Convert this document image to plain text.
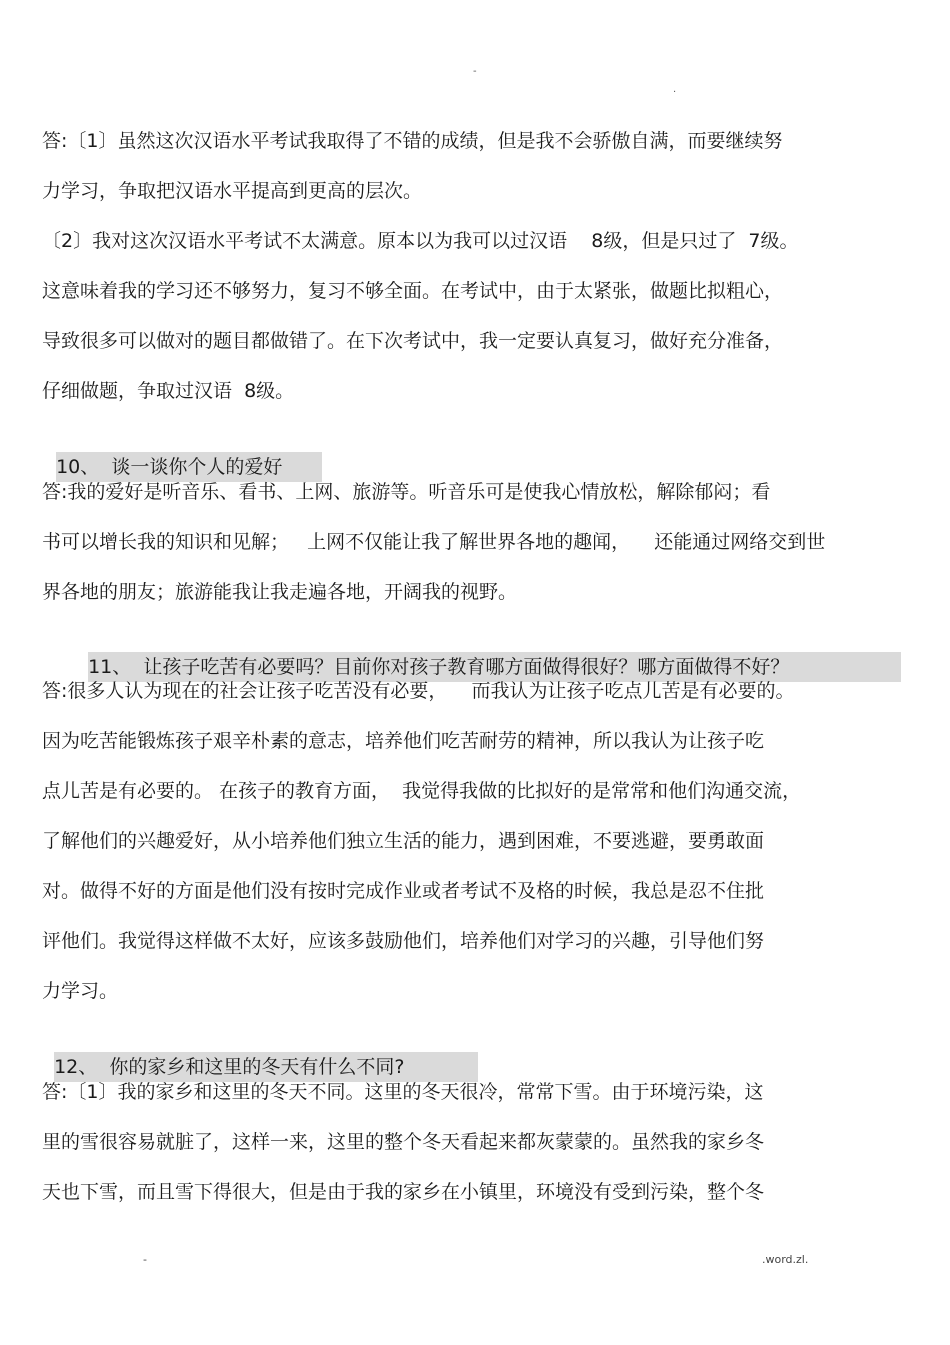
-
.
答:〔1〕虽然这次汉语水平考试我取得了不错的成绩，但是我不会骄傲自满，而要继续努
力学习，争取把汉语水平提高到更高的层次。
〔2〕我对这次汉语水平考试不太满意。原本以为我可以过汉语    8级，但是只过了  7级。
这意味着我的学习还不够努力，复习不够全面。在考试中，由于太紧张，做题比拟粗心，
导致很多可以做对的题目都做错了。在下次考试中，我一定要认真复习，做好充分准备，
仔细做题，争取过汉语  8级。

10、  谈一谈你个人的爱好

答:我的爱好是听音乐、看书、上网、旅游等。听音乐可是使我心情放松，解除郁闷；看
书可以增长我的知识和见解；   上网不仅能让我了解世界各地的趣闻，    还能通过网络交到世
界各地的朋友；旅游能我让我走遍各地，开阔我的视野。

11、  让孩子吃苦有必要吗？目前你对孩子教育哪方面做得很好？哪方面做得不好？

答:很多人认为现在的社会让孩子吃苦没有必要，    而我认为让孩子吃点儿苦是有必要的。
因为吃苦能锻炼孩子艰辛朴素的意志，培养他们吃苦耐劳的精神，所以我认为让孩子吃
点儿苦是有必要的。 在孩子的教育方面，  我觉得我做的比拟好的是常常和他们沟通交流，
了解他们的兴趣爱好，从小培养他们独立生活的能力，遇到困难，不要逃避，要勇敢面
对。做得不好的方面是他们没有按时完成作业或者考试不及格的时候，我总是忍不住批
评他们。我觉得这样做不太好，应该多鼓励他们，培养他们对学习的兴趣，引导他们努
力学习。

12、  你的家乡和这里的冬天有什么不同?

答:〔1〕我的家乡和这里的冬天不同。这里的冬天很冷，常常下雪。由于环境污染，这
里的雪很容易就脏了，这样一来，这里的整个冬天看起来都灰蒙蒙的。虽然我的家乡冬
天也下雪，而且雪下得很大，但是由于我的家乡在小镇里，环境没有受到污染，整个冬
-	.word.zl.
